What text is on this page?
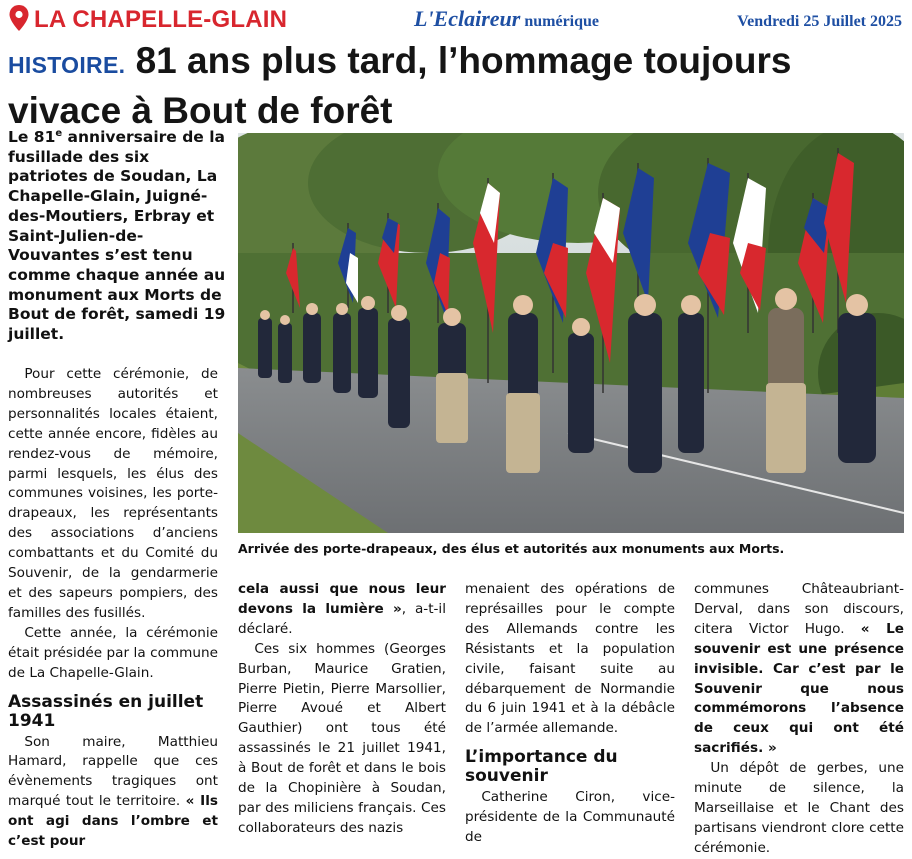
LA CHAPELLE-GLAIN	L'Eclaireur numérique	Vendredi 25 Juillet 2025
HISTOIRE. 81 ans plus tard, l’hommage toujours vivace à Bout de forêt
Le 81e anniversaire de la fusillade des six patriotes de Soudan, La Chapelle-Glain, Juigné-des-Moutiers, Erbray et Saint-Julien-de-Vouvantes s’est tenu comme chaque année au monument aux Morts de Bout de forêt, samedi 19 juillet.
Arrivée des porte-drapeaux, des élus et autorités aux monuments aux Morts.

Pour cette cérémonie, de nombreuses autorités et personnalités locales étaient, cette année encore, fidèles au rendez-vous de mémoire, parmi lesquels, les élus des communes voisines, les porte-drapeaux, les représentants des associations d’anciens combattants et du Comité du Souvenir, de la gendarmerie et des sapeurs pompiers, des familles des fusillés.

Cette année, la cérémonie était présidée par la commune de La Chapelle-Glain.

Assassinés en juillet 1941

Son maire, Matthieu Hamard, rappelle que ces évènements tragiques ont marqué tout le territoire. « Ils ont agi dans l’ombre et c’est pour

cela aussi que nous leur devons la lumière », a-t-il déclaré.

Ces six hommes (Georges Burban, Maurice Gratien, Pierre Pietin, Pierre Marsollier, Pierre Avoué et Albert Gauthier) ont tous été assassinés le 21 juillet 1941, à Bout de forêt et dans le bois de la Chopinière à Soudan, par des miliciens français. Ces collaborateurs des nazis

menaient des opérations de représailles pour le compte des Allemands contre les Résistants et la population civile, faisant suite au débarquement de Normandie du 6 juin 1941 et à la débâcle de l’armée allemande.

L’importance du souvenir

Catherine Ciron, vice-présidente de la Communauté de

communes Châteaubriant-Derval, dans son discours, citera Victor Hugo. « Le souvenir est une présence invisible. Car c’est par le Souvenir que nous commémorons l’absence de ceux qui ont été sacrifiés. »

Un dépôt de gerbes, une minute de silence, la Marseillaise et le Chant des partisans viendront clore cette cérémonie.
